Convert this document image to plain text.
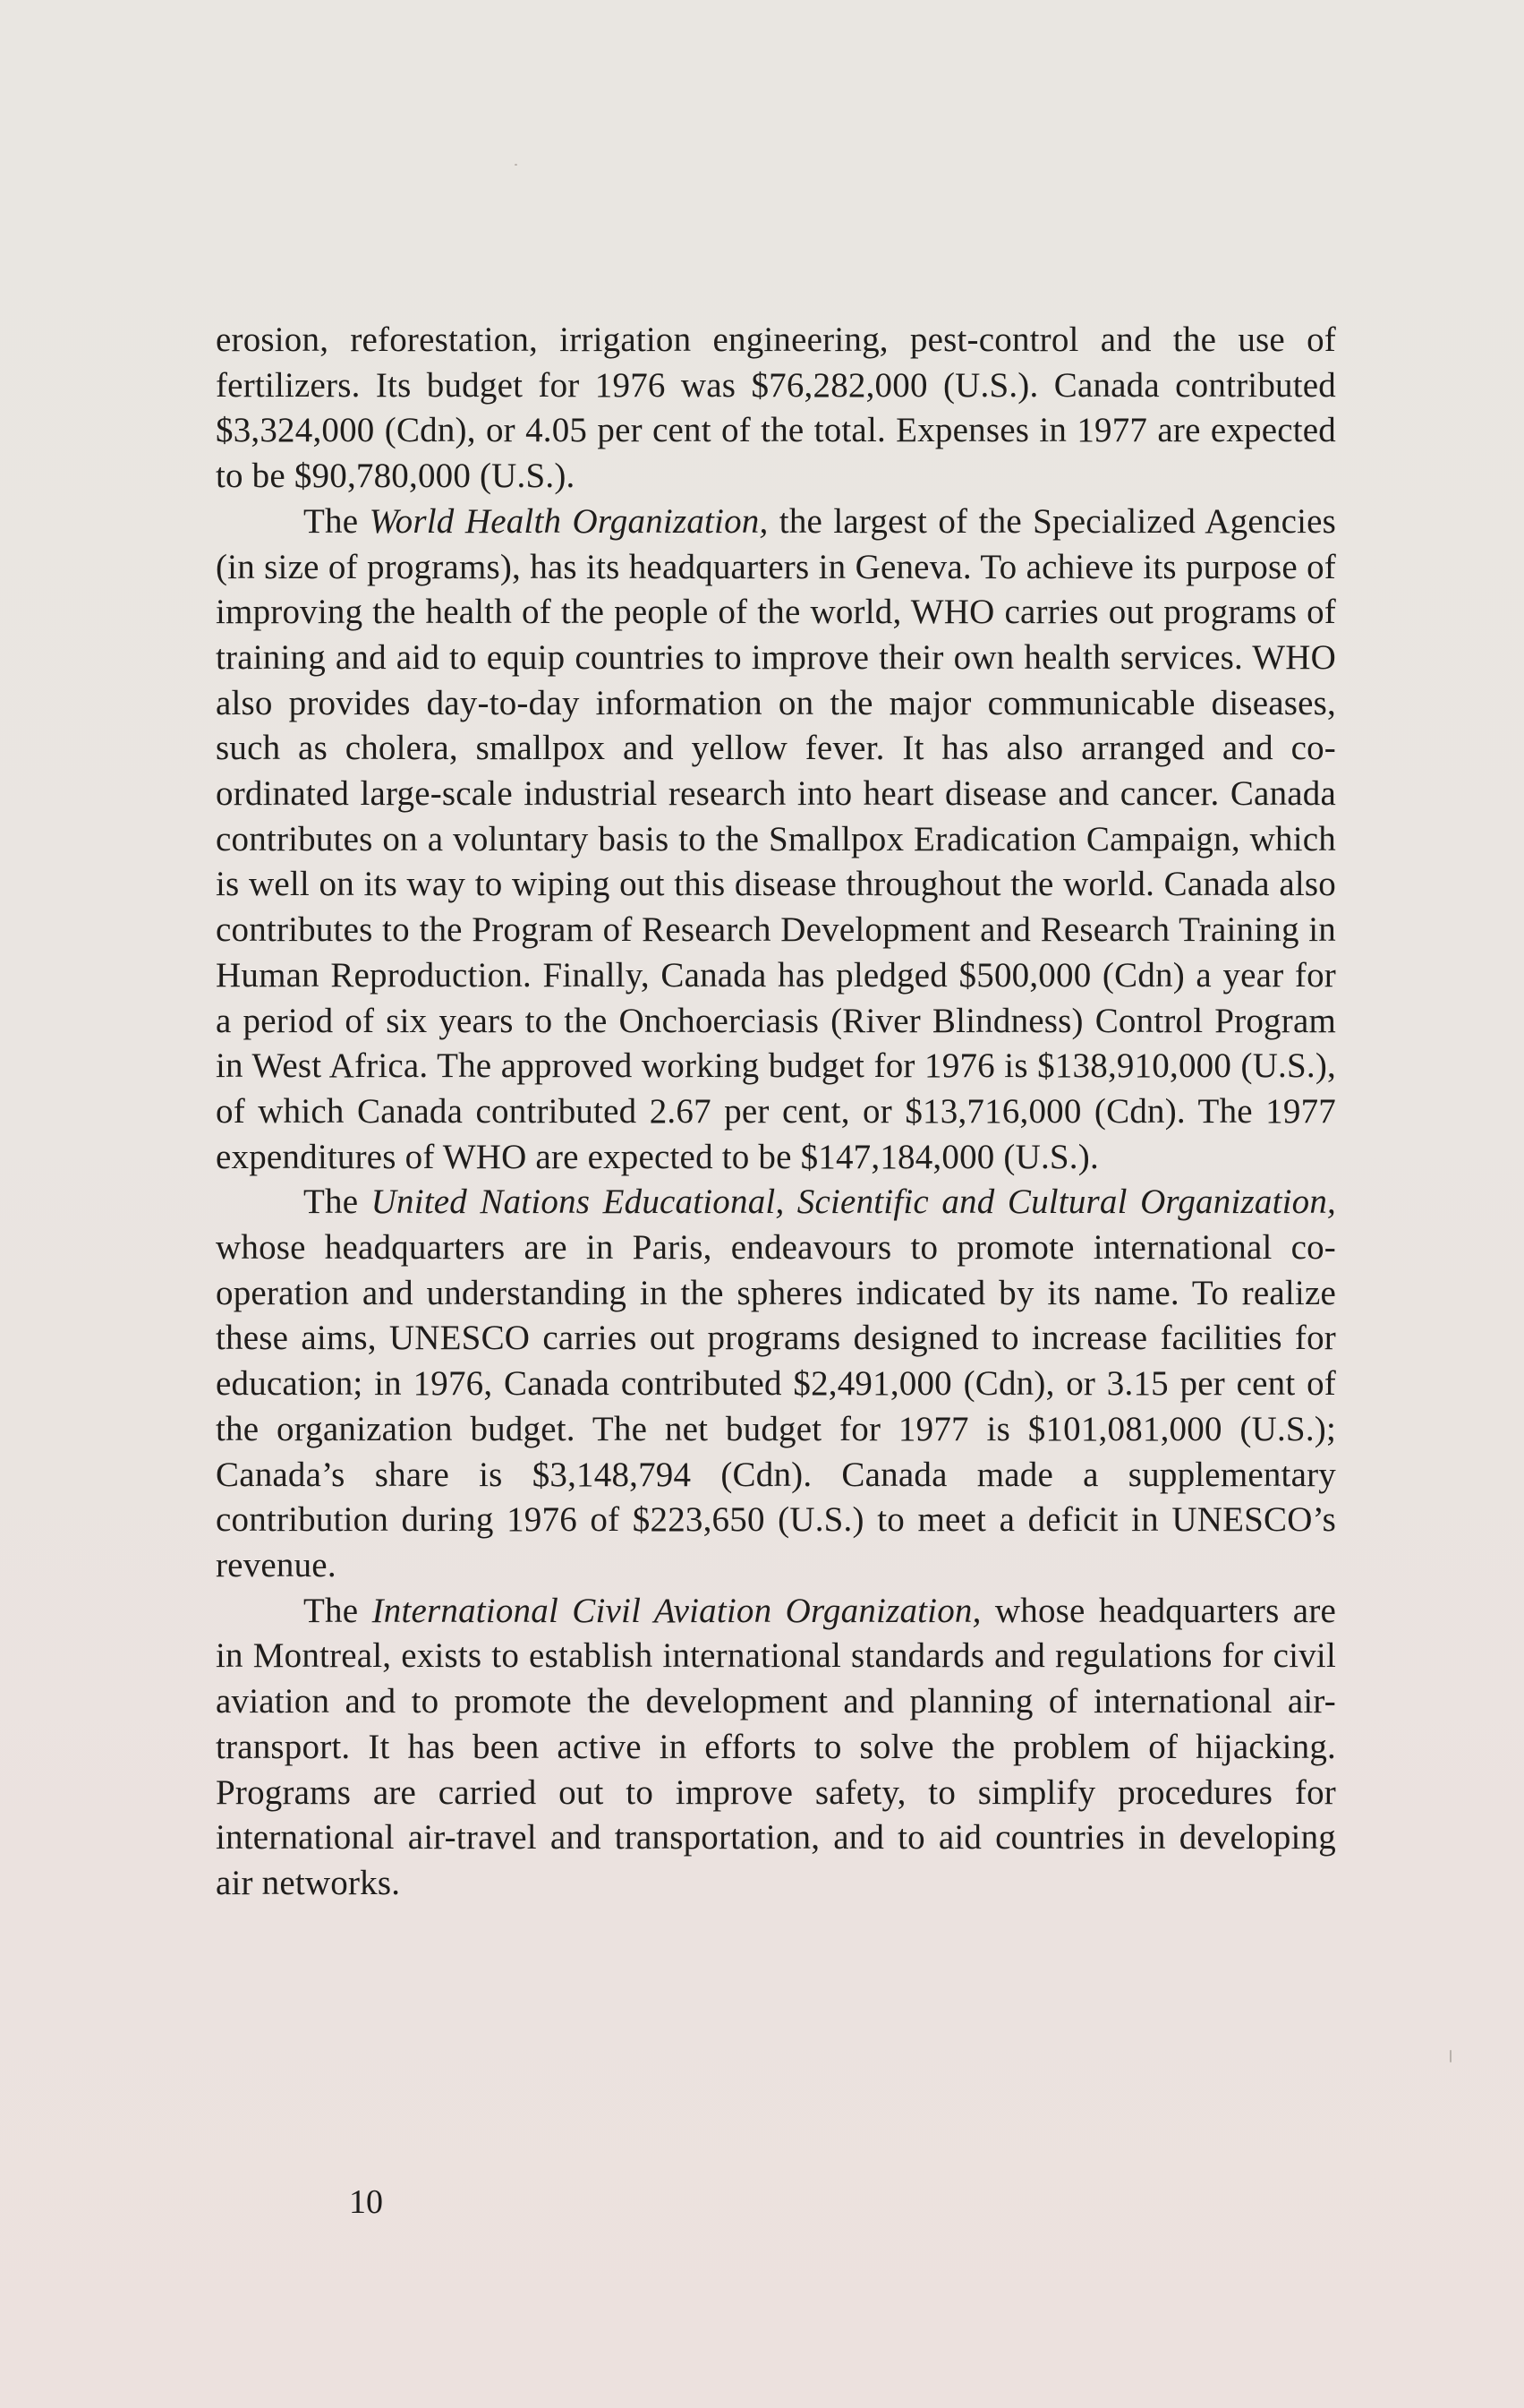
erosion, reforestation, irrigation engineering, pest-control and the use of fertilizers. Its budget for 1976 was $76,282,000 (U.S.). Canada contributed $3,324,000 (Cdn), or 4.05 per cent of the total. Expenses in 1977 are expected to be $90,780,000 (U.S.).

The World Health Organization, the largest of the Specialized Agencies (in size of programs), has its headquarters in Geneva. To achieve its purpose of improving the health of the people of the world, WHO carries out programs of training and aid to equip countries to improve their own health services. WHO also provides day-to-day information on the major communicable diseases, such as cholera, smallpox and yellow fever. It has also arranged and co-ordinated large-scale industrial research into heart disease and cancer. Canada contributes on a voluntary basis to the Smallpox Eradication Campaign, which is well on its way to wiping out this disease throughout the world. Canada also contributes to the Program of Research Development and Research Training in Human Reproduction. Finally, Canada has pledged $500,000 (Cdn) a year for a period of six years to the Onchoerciasis (River Blindness) Control Program in West Africa. The approved working budget for 1976 is $138,910,000 (U.S.), of which Canada contributed 2.67 per cent, or $13,716,000 (Cdn). The 1977 expenditures of WHO are expected to be $147,184,000 (U.S.).

The United Nations Educational, Scientific and Cultural Organization, whose headquarters are in Paris, endeavours to promote international co-operation and understanding in the spheres indicated by its name. To realize these aims, UNESCO carries out programs designed to increase facilities for education; in 1976, Canada contributed $2,491,000 (Cdn), or 3.15 per cent of the organization budget. The net budget for 1977 is $101,081,000 (U.S.); Canada’s share is $3,148,794 (Cdn). Canada made a supplementary contribution during 1976 of $223,650 (U.S.) to meet a deficit in UNESCO’s revenue.

The International Civil Aviation Organization, whose headquarters are in Montreal, exists to establish international standards and regulations for civil aviation and to promote the development and planning of international air-transport. It has been active in efforts to solve the problem of hijacking. Programs are carried out to improve safety, to simplify procedures for international air-travel and transportation, and to aid countries in developing air networks.

10
